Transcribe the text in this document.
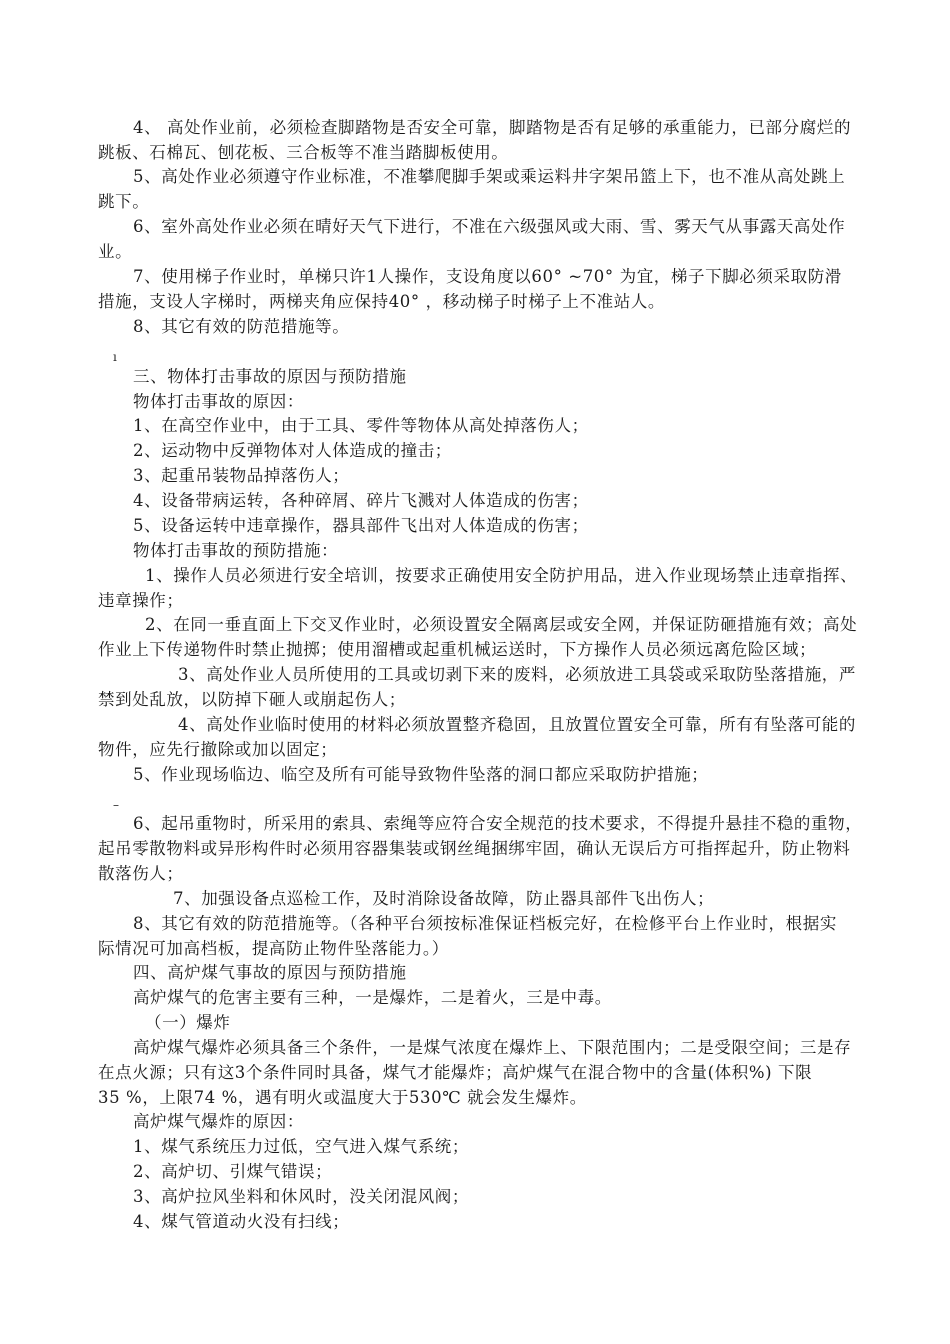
4、 高处作业前，必须检查脚踏物是否安全可靠，脚踏物是否有足够的承重能力，已部分腐烂的
跳板、石棉瓦、刨花板、三合板等不准当踏脚板使用。
5、高处作业必须遵守作业标准，不准攀爬脚手架或乘运料井字架吊篮上下，也不准从高处跳上
跳下。
6、室外高处作业必须在晴好天气下进行，不准在六级强风或大雨、雪、雾天气从事露天高处作
业。
7、使用梯子作业时，单梯只许1人操作，支设角度以60° ~70° 为宜，梯子下脚必须采取防滑
措施，支设人字梯时，两梯夹角应保持40° ，移动梯子时梯子上不准站人。
8、其它有效的防范措施等。
ı
三、物体打击事故的原因与预防措施
物体打击事故的原因：
1、在高空作业中，由于工具、零件等物体从高处掉落伤人；
2、运动物中反弹物体对人体造成的撞击；
3、起重吊装物品掉落伤人；
4、设备带病运转，各种碎屑、碎片飞溅对人体造成的伤害；
5、设备运转中违章操作，器具部件飞出对人体造成的伤害；
物体打击事故的预防措施：
1、操作人员必须进行安全培训，按要求正确使用安全防护用品，进入作业现场禁止违章指挥、
违章操作；
2、在同一垂直面上下交叉作业时，必须设置安全隔离层或安全网，并保证防砸措施有效；高处
作业上下传递物件时禁止抛掷；使用溜槽或起重机械运送时，下方操作人员必须远离危险区域；
3、高处作业人员所使用的工具或切剥下来的废料，必须放进工具袋或采取防坠落措施，严
禁到处乱放，以防掉下砸人或崩起伤人；
4、高处作业临时使用的材料必须放置整齐稳固，且放置位置安全可靠，所有有坠落可能的
物件，应先行撤除或加以固定；
5、作业现场临边、临空及所有可能导致物件坠落的洞口都应采取防护措施；
–
6、起吊重物时，所采用的索具、索绳等应符合安全规范的技术要求，不得提升悬挂不稳的重物，
起吊零散物料或异形构件时必须用容器集装或钢丝绳捆绑牢固，确认无误后方可指挥起升，防止物料
散落伤人；
7、加强设备点巡检工作，及时消除设备故障，防止器具部件飞出伤人；
8、其它有效的防范措施等。（各种平台须按标准保证档板完好，在检修平台上作业时，根据实
际情况可加高档板，提高防止物件坠落能力。）
四、高炉煤气事故的原因与预防措施
高炉煤气的危害主要有三种，一是爆炸，二是着火，三是中毒。
（一）爆炸
高炉煤气爆炸必须具备三个条件，一是煤气浓度在爆炸上、下限范围内；二是受限空间；三是存
在点火源；只有这3个条件同时具备，煤气才能爆炸；高炉煤气在混合物中的含量(体积%) 下限
35 %，上限74 %，遇有明火或温度大于530℃ 就会发生爆炸。
高炉煤气爆炸的原因：
1、煤气系统压力过低，空气进入煤气系统；
2、高炉切、引煤气错误；
3、高炉拉风坐料和休风时，没关闭混风阀；
4、煤气管道动火没有扫线；
